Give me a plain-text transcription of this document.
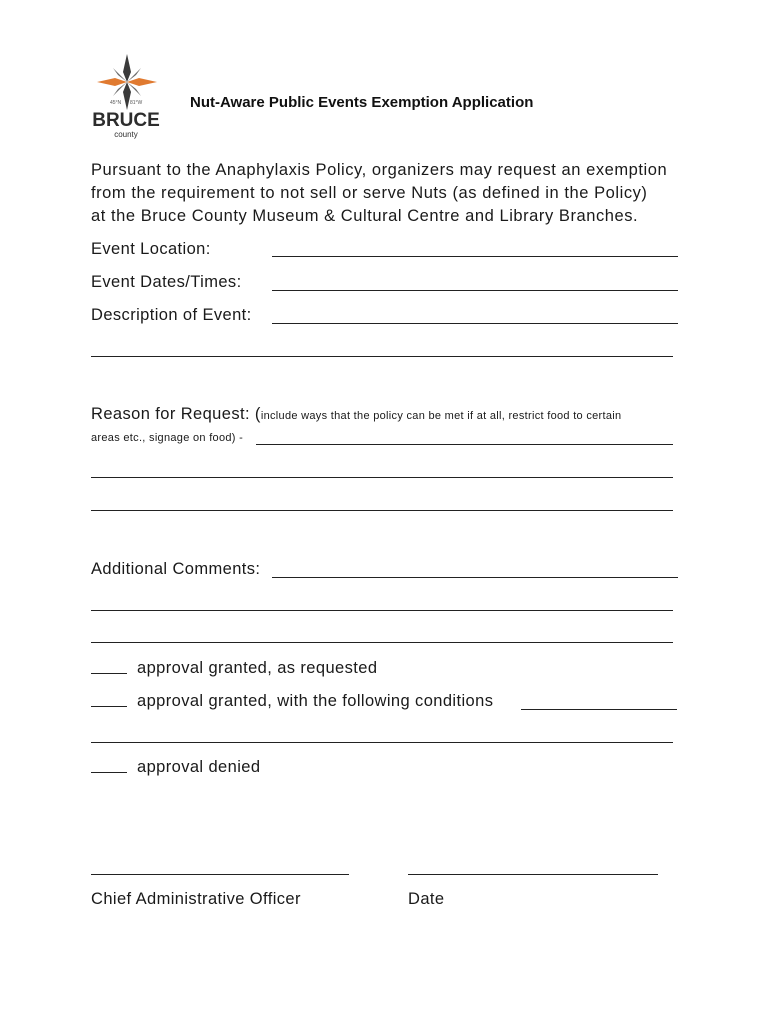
45°N 81°W
BRUCE
county
Nut-Aware Public Events Exemption Application
Pursuant to the Anaphylaxis Policy, organizers may request an exemption
from the requirement to not sell or serve Nuts (as defined in the Policy)
at the Bruce County Museum & Cultural Centre and Library Branches.
Event Location:
Event Dates/Times:
Description of Event:
Reason for Request: (include ways that the policy can be met if at all, restrict food to certain
areas etc., signage on food) -
Additional Comments:
approval granted, as requested
approval granted, with the following conditions
approval denied
Chief Administrative Officer	Date
